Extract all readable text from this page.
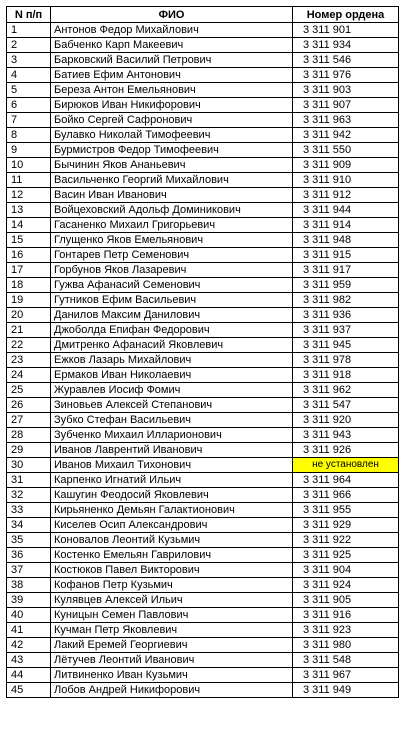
N п/п	ФИО	Номер ордена
1	Антонов Федор Михайлович	3 311 901
2	Бабченко Карп Макеевич	3 311 934
3	Барковский Василий Петрович	3 311 546
4	Батиев Ефим Антонович	3 311 976
5	Береза Антон Емельянович	3 311 903
6	Бирюков Иван Никифорович	3 311 907
7	Бойко Сергей Сафронович	3 311 963
8	Булавко Николай Тимофеевич	3 311 942
9	Бурмистров Федор Тимофеевич	3 311 550
10	Бычинин Яков Ананьевич	3 311 909
11	Васильченко Георгий Михайлович	3 311 910
12	Васин Иван Иванович	3 311 912
13	Войцеховский Адольф Доминикович	3 311 944
14	Гасаненко Михаил Григорьевич	3 311 914
15	Глущенко Яков Емельянович	3 311 948
16	Гонтарев Петр Семенович	3 311 915
17	Горбунов Яков Лазаревич	3 311 917
18	Гужва Афанасий Семенович	3 311 959
19	Гутников Ефим Васильевич	3 311 982
20	Данилов Максим Данилович	3 311 936
21	Джоболда Епифан Федорович	3 311 937
22	Дмитренко Афанасий Яковлевич	3 311 945
23	Ежков Лазарь Михайлович	3 311 978
24	Ермаков Иван Николаевич	3 311 918
25	Журавлев Иосиф Фомич	3 311 962
26	Зиновьев Алексей Степанович	3 311 547
27	Зубко Стефан Васильевич	3 311 920
28	Зубченко Михаил Илларионович	3 311 943
29	Иванов Лаврентий Иванович	3 311 926
30	Иванов Михаил Тихонович	не установлен
31	Карпенко Игнатий Ильич	3 311 964
32	Кашугин Феодосий Яковлевич	3 311 966
33	Кирьяненко Демьян Галактионович	3 311 955
34	Киселев Осип Александрович	3 311 929
35	Коновалов Леонтий Кузьмич	3 311 922
36	Костенко Емельян Гаврилович	3 311 925
37	Костюков Павел Викторович	3 311 904
38	Кофанов Петр Кузьмич	3 311 924
39	Кулявцев Алексей Ильич	3 311 905
40	Куницын Семен Павлович	3 311 916
41	Кучман Петр Яковлевич	3 311 923
42	Лакий Еремей Георгиевич	3 311 980
43	Лётучев Леонтий Иванович	3 311 548
44	Литвиненко Иван Кузьмич	3 311 967
45	Лобов Андрей Никифорович	3 311 949
